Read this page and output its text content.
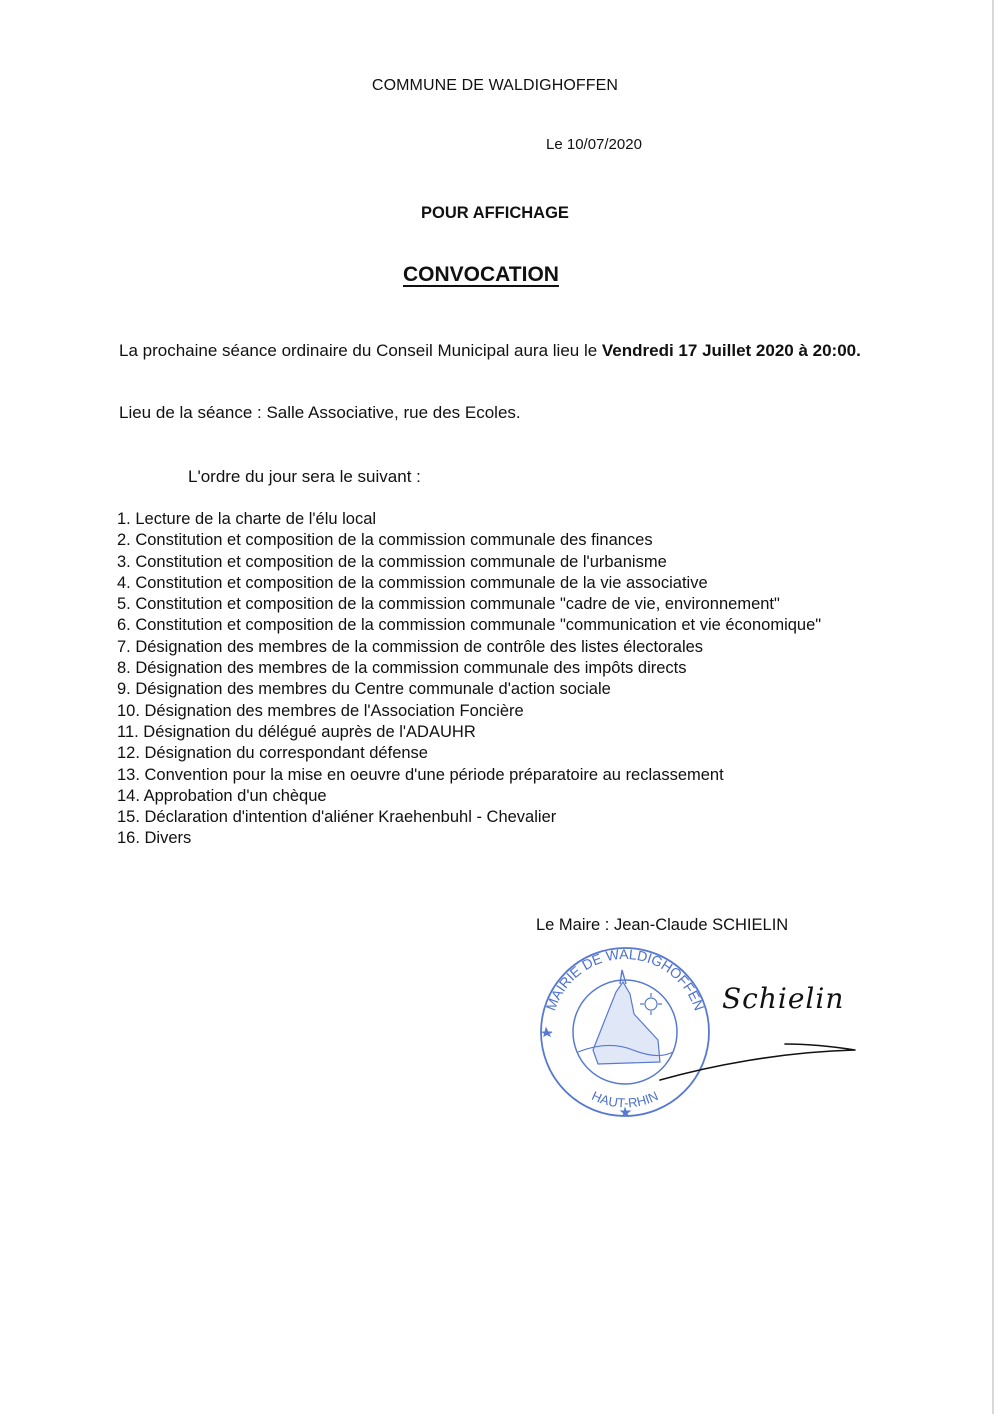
COMMUNE DE WALDIGHOFFEN
Le 10/07/2020
POUR AFFICHAGE
CONVOCATION
La prochaine séance ordinaire du Conseil Municipal aura lieu le Vendredi 17 Juillet 2020 à 20:00.
Lieu de la séance : Salle Associative, rue des Ecoles.
L'ordre du jour sera le suivant :
1. Lecture de la charte de l'élu local
2. Constitution et composition de la commission communale des finances
3. Constitution et composition de la commission communale de l'urbanisme
4. Constitution et composition de la commission communale de la vie associative
5. Constitution et composition de la commission communale "cadre de vie, environnement"
6. Constitution et composition de la commission communale "communication et vie économique"
7. Désignation des membres de la commission de contrôle des listes électorales
8. Désignation des membres de la commission communale des impôts directs
9. Désignation des membres du Centre communale d'action sociale
10. Désignation des membres de l'Association Foncière
11. Désignation du délégué auprès de l'ADAUHR
12. Désignation du correspondant défense
13. Convention pour la mise en oeuvre d'une période préparatoire au reclassement
14. Approbation d'un chèque
15. Déclaration d'intention d'aliéner Kraehenbuhl - Chevalier
16. Divers
Le Maire : Jean-Claude SCHIELIN
MAIRIE DE WALDIGHOFFEN
HAUT-RHIN
Schielin
